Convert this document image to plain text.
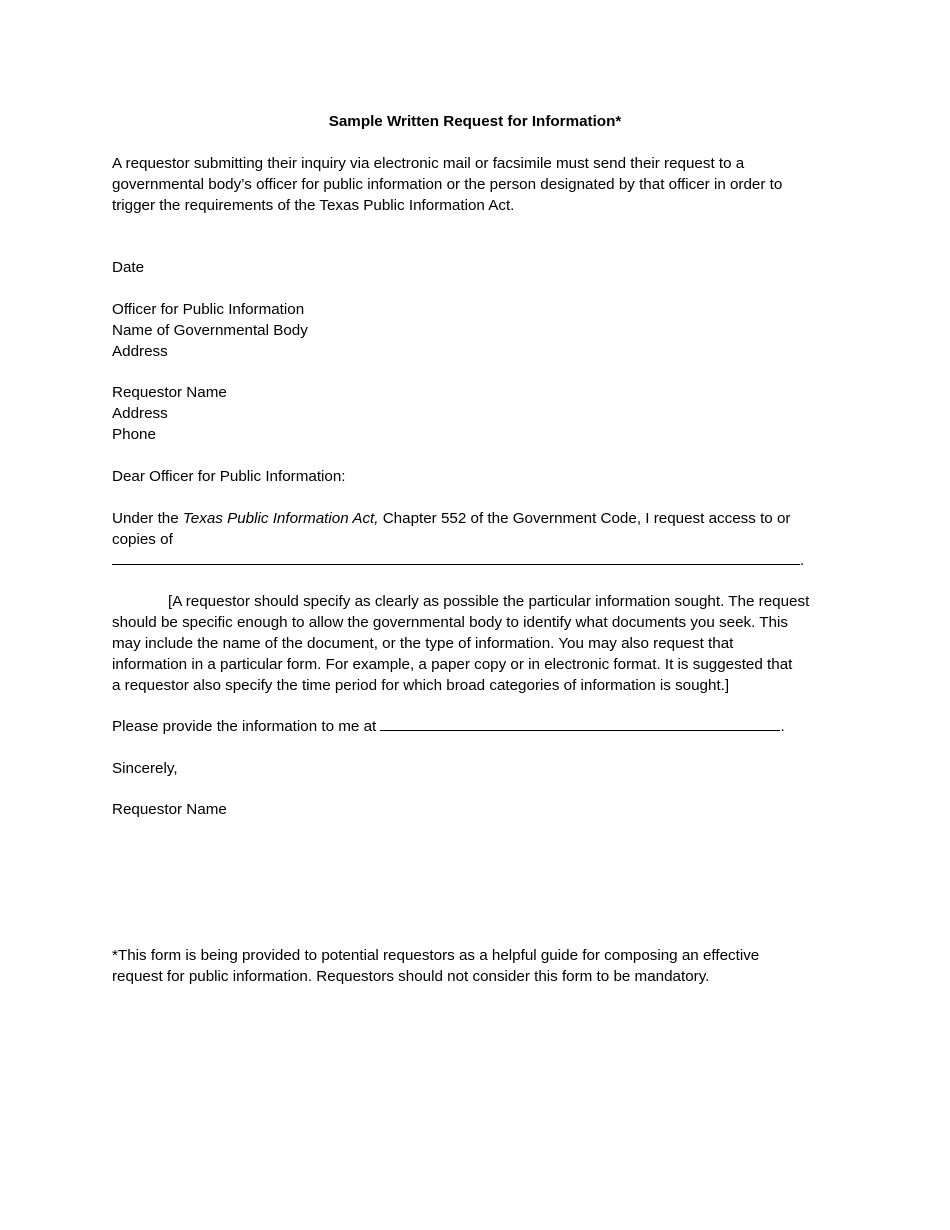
Sample Written Request for Information*

A requestor submitting their inquiry via electronic mail or facsimile must send their request to a
governmental body’s officer for public information or the person designated by that officer in order to
trigger the requirements of the Texas Public Information Act.

Date

Officer for Public Information
Name of Governmental Body
Address

Requestor Name
Address
Phone

Dear Officer for Public Information:

Under the Texas Public Information Act, Chapter 552 of the Government Code, I request access to or
copies of
.

[A requestor should specify as clearly as possible the particular information sought. The request
should be specific enough to allow the governmental body to identify what documents you seek. This
may include the name of the document, or the type of information. You may also request that
information in a particular form. For example, a paper copy or in electronic format. It is suggested that
a requestor also specify the time period for which broad categories of information is sought.]

Please provide the information to me at	.

Sincerely,

Requestor Name

*This form is being provided to potential requestors as a helpful guide for composing an effective
request for public information. Requestors should not consider this form to be mandatory.
